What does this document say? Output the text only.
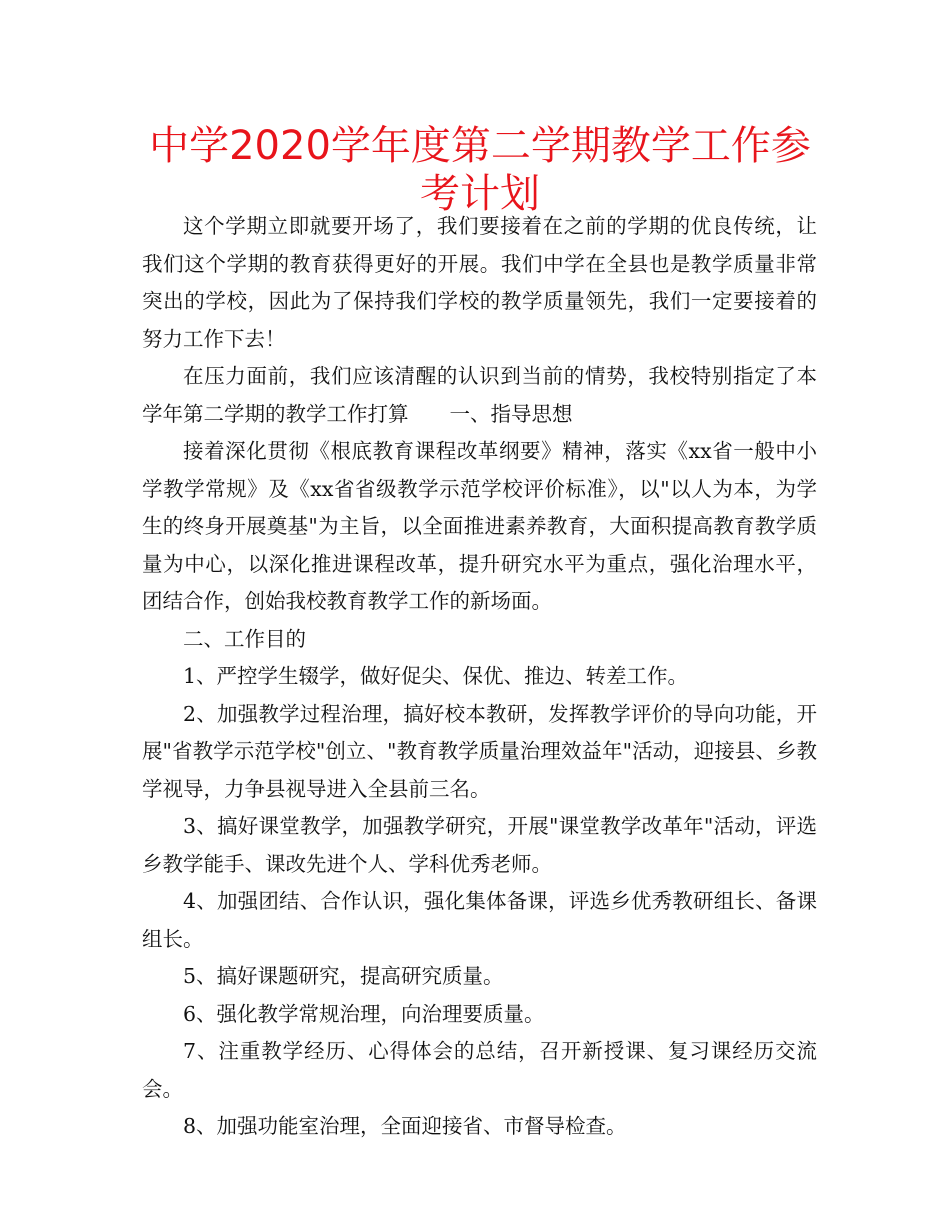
中学2020学年度第二学期教学工作参考计划

这个学期立即就要开场了，我们要接着在之前的学期的优良传统，让我们这个学期的教育获得更好的开展。我们中学在全县也是教学质量非常突出的学校，因此为了保持我们学校的教学质量领先，我们一定要接着的努力工作下去！

在压力面前，我们应该清醒的认识到当前的情势，我校特别指定了本学年第二学期的教学工作打算　　一、指导思想

接着深化贯彻《根底教育课程改革纲要》精神，落实《xx省一般中小学教学常规》及《xx省省级教学示范学校评价标准》，以"以人为本，为学生的终身开展奠基"为主旨，以全面推进素养教育，大面积提高教育教学质量为中心，以深化推进课程改革，提升研究水平为重点，强化治理水平，团结合作，创始我校教育教学工作的新场面。

二、工作目的

1、严控学生辍学，做好促尖、保优、推边、转差工作。

2、加强教学过程治理，搞好校本教研，发挥教学评价的导向功能，开展"省教学示范学校"创立、"教育教学质量治理效益年"活动，迎接县、乡教学视导，力争县视导进入全县前三名。

3、搞好课堂教学，加强教学研究，开展"课堂教学改革年"活动，评选乡教学能手、课改先进个人、学科优秀老师。

4、加强团结、合作认识，强化集体备课，评选乡优秀教研组长、备课组长。

5、搞好课题研究，提高研究质量。

6、强化教学常规治理，向治理要质量。

7、注重教学经历、心得体会的总结，召开新授课、复习课经历交流会。

8、加强功能室治理，全面迎接省、市督导检查。
